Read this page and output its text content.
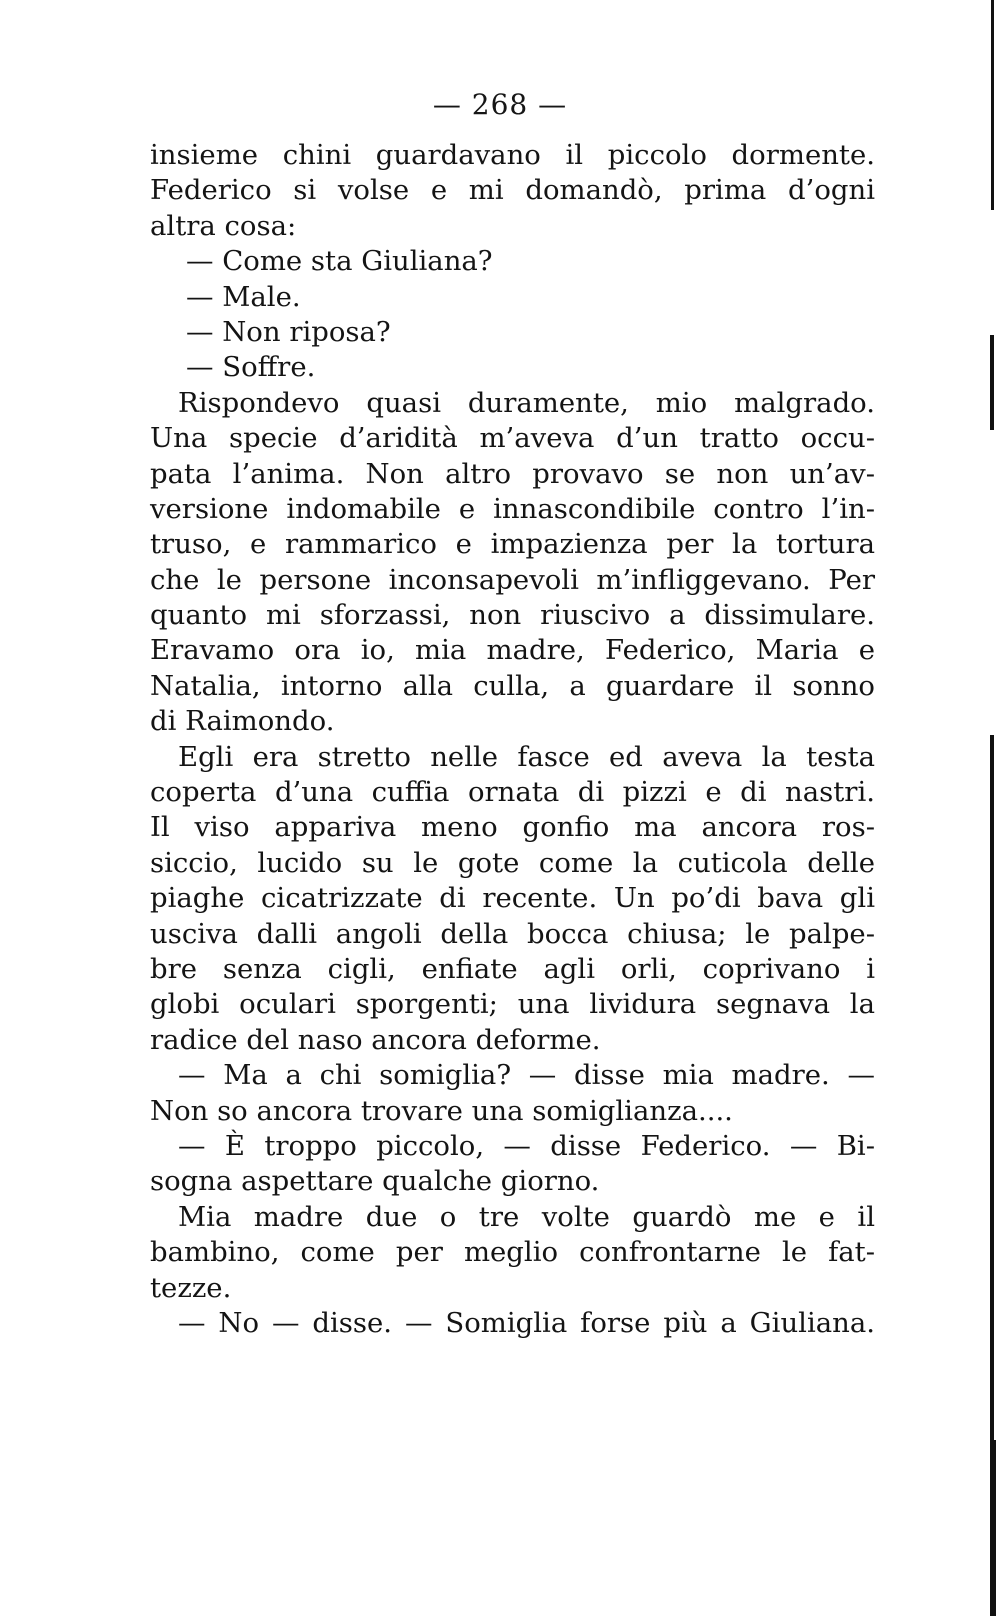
— 268 —
insieme chini guardavano il piccolo dormente.
Federico si volse e mi domandò, prima d’ogni
altra cosa:
— Come sta Giuliana?
— Male.
— Non riposa?
— Soffre.
Rispondevo quasi duramente, mio malgrado.
Una specie d’aridità m’aveva d’un tratto occu-
pata l’anima. Non altro provavo se non un’av-
versione indomabile e innascondibile contro l’in-
truso, e rammarico e impazienza per la tortura
che le persone inconsapevoli m’infliggevano. Per
quanto mi sforzassi, non riuscivo a dissimulare.
Eravamo ora io, mia madre, Federico, Maria e
Natalia, intorno alla culla, a guardare il sonno
di Raimondo.
Egli era stretto nelle fasce ed aveva la testa
coperta d’una cuffia ornata di pizzi e di nastri.
Il viso appariva meno gonfio ma ancora ros-
siccio, lucido su le gote come la cuticola delle
piaghe cicatrizzate di recente. Un po’di bava gli
usciva dalli angoli della bocca chiusa; le palpe-
bre senza cigli, enfiate agli orli, coprivano i
globi oculari sporgenti; una lividura segnava la
radice del naso ancora deforme.
— Ma a chi somiglia? — disse mia madre. —
Non so ancora trovare una somiglianza....
— È troppo piccolo, — disse Federico. — Bi-
sogna aspettare qualche giorno.
Mia madre due o tre volte guardò me e il
bambino, come per meglio confrontarne le fat-
tezze.
— No — disse. — Somiglia forse più a Giuliana.
